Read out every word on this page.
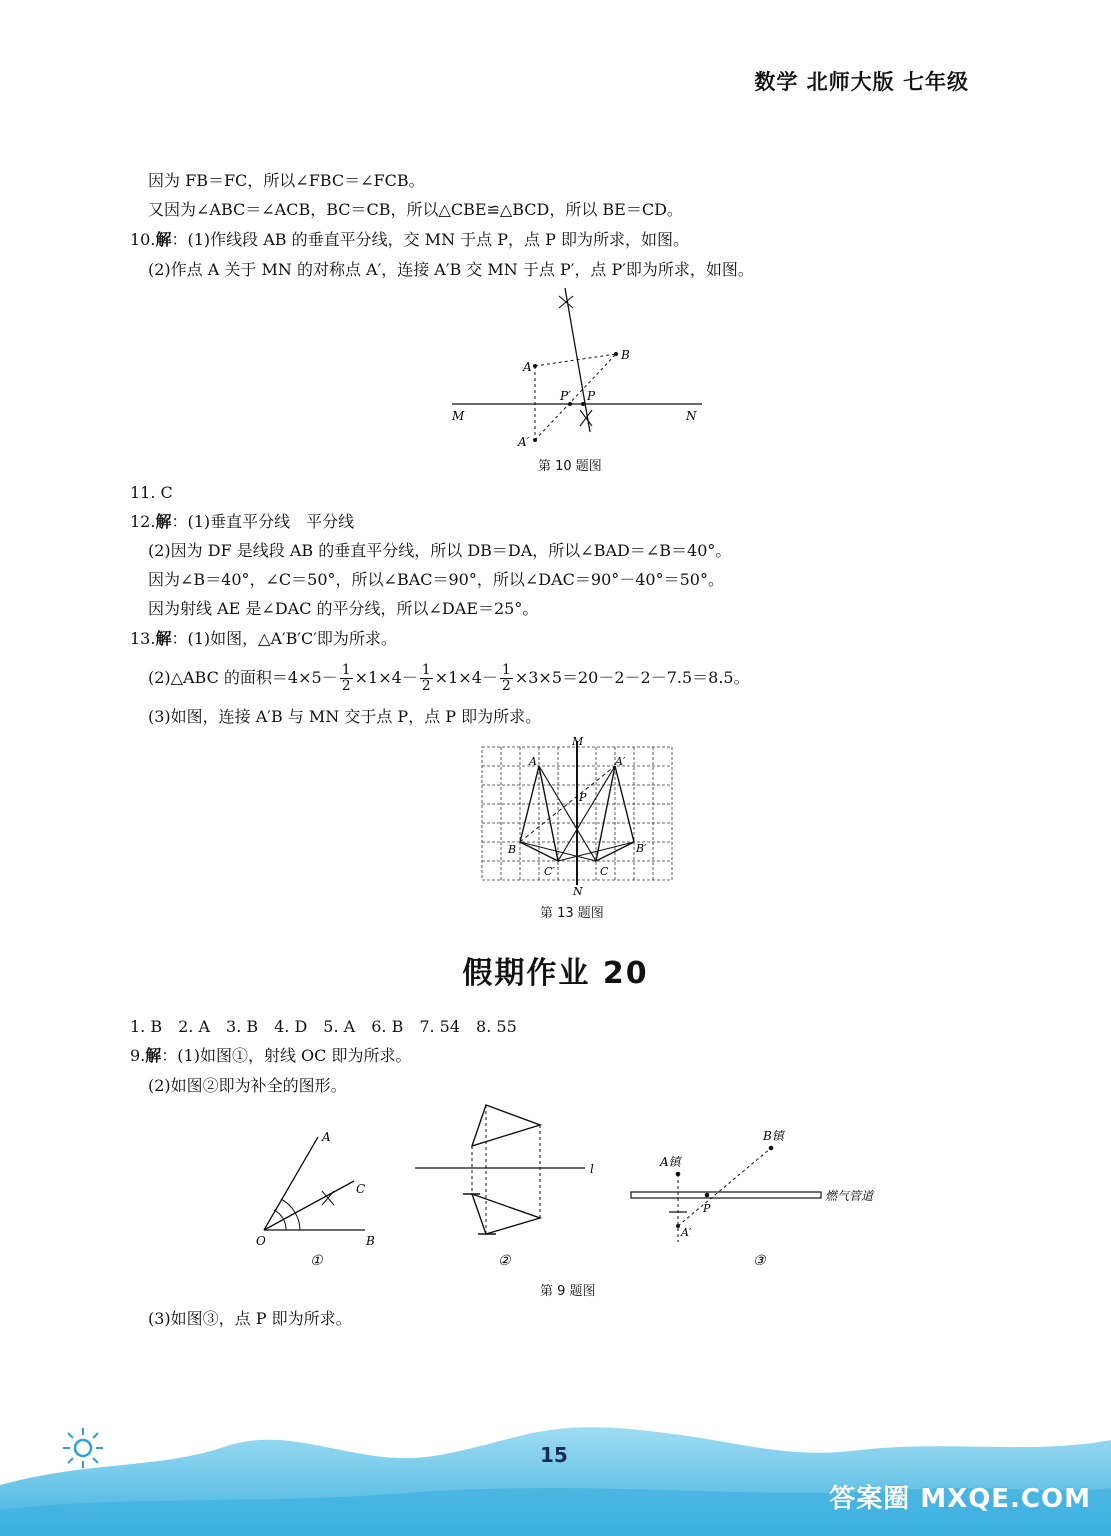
数学 北师大版 七年级
因为 FB＝FC，所以∠FBC＝∠FCB。
又因为∠ABC＝∠ACB，BC＝CB，所以△CBE≌△BCD，所以 BE＝CD。
10.解：(1)作线段 AB 的垂直平分线，交 MN 于点 P，点 P 即为所求，如图。
(2)作点 A 关于 MN 的对称点 A′，连接 A′B 交 MN 于点 P′，点 P′即为所求，如图。
A
B
P′ P
M	N
A′
第 10 题图
11. C
12.解：(1)垂直平分线　平分线
(2)因为 DF 是线段 AB 的垂直平分线，所以 DB＝DA，所以∠BAD＝∠B＝40°。
因为∠B＝40°，∠C＝50°，所以∠BAC＝90°，所以∠DAC＝90°－40°＝50°。
因为射线 AE 是∠DAC 的平分线，所以∠DAE＝25°。
13.解：(1)如图，△A′B′C′即为所求。
(2)△ABC 的面积$=4\times 5- \frac{1}{2} \times 1\times 4- \frac{1}{2} \times 1\times 4- \frac{1}{2} \times 3\times 5=20-2-2-7.5=8.5$。
(3)如图，连接 A′B 与 MN 交于点 P，点 P 即为所求。
M
N
A	A′
P
B	B′
C′	C
第 13 题图
假期作业 20
1. B　2. A　3. B　4. D　5. A　6. B　7. 54　8. 55
9.解：(1)如图①，射线 OC 即为所求。
(2)如图②即为补全的图形。
A
C
O	B
①
l
②
A镇
B镇
燃气管道
P
A′
③
第 9 题图
(3)如图③，点 P 即为所求。
15
答案圈 MXQE.COM
